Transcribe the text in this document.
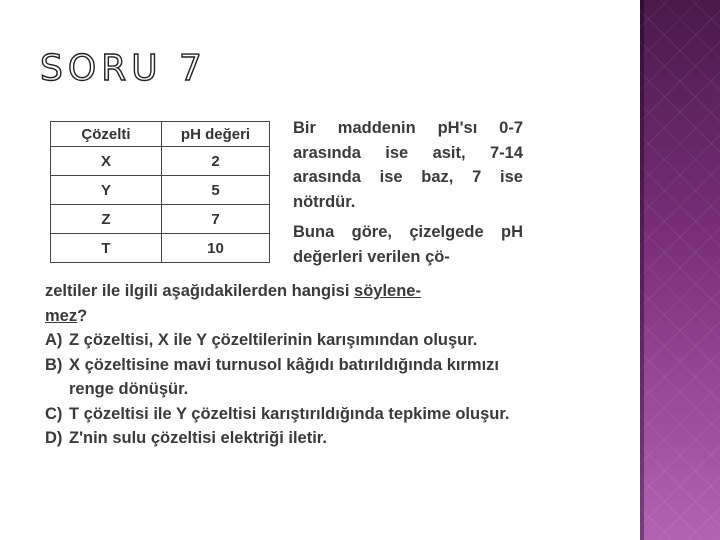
SORU 7
Çözelti	pH değeri
X	2
Y	5
Z	7
T	10

Bir maddenin pH'sı 0-7 arasında ise asit, 7-14 arasında ise baz, 7 ise nötrdür.

Buna göre, çizelgede pH değerleri verilen çö-

zeltiler ile ilgili aşağıdakilerden hangisi söylene-
mez?

A) Z çözeltisi, X ile Y çözeltilerinin karışımından oluşur.
B) X çözeltisine mavi turnusol kâğıdı batırıldığında kırmızı renge dönüşür.
C) T çözeltisi ile Y çözeltisi karıştırıldığında tepkime oluşur.
D) Z'nin sulu çözeltisi elektriği iletir.
